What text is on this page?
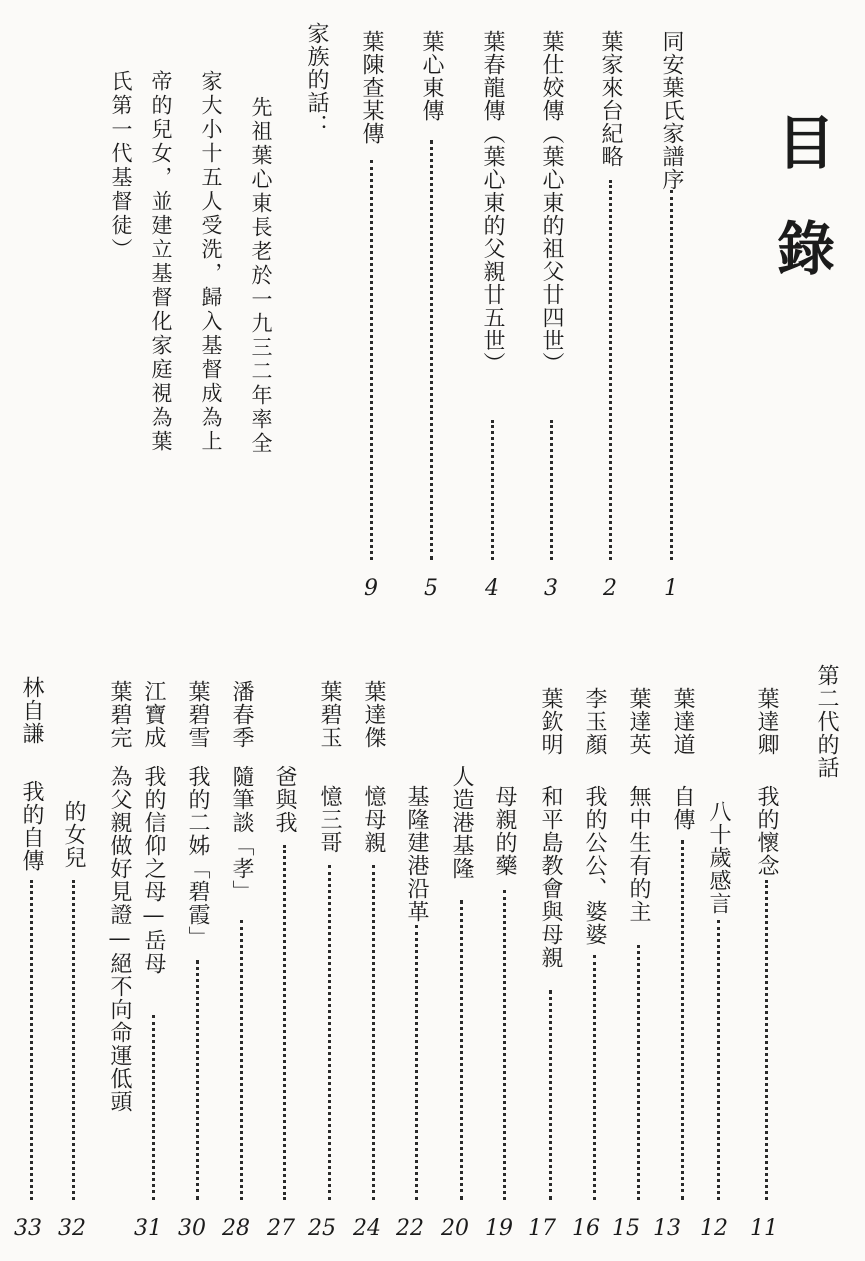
目錄
同安葉氏家譜序
1
葉家來台紀略
2
葉仕姣傳（葉心東的祖父廿四世）
3
葉春龍傳（葉心東的父親廿五世）
4
葉心東傳
5
葉陳查某傳
9
家族的話：
先祖葉心東長老於一九三二年率全
家大小十五人受洗，歸入基督成為上
帝的兒女，並建立基督化家庭視為葉
氏第一代基督徒）
第二代的話
葉達卿
我的懷念
11
八十歲感言
12
葉達道
自傳
13
葉達英
無中生有的主
15
李玉顏
我的公公、婆婆
16
葉欽明
和平島教會與母親
17
母親的藥
19
人造港基隆
20
基隆建港沿革
22
葉達傑
憶母親
24
葉碧玉
憶三哥
25
爸與我
27
潘春季
隨筆談「孝」
28
葉碧雪
我的二姊「碧霞」
30
江寶成
我的信仰之母—岳母
31
葉碧完
為父親做好見證—絕不向命運低頭
的女兒
32
林自謙
我的自傳
33
